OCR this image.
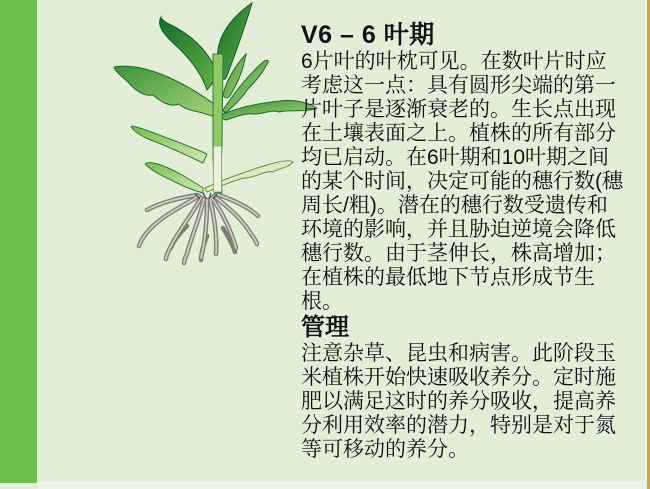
V6 – 6 叶期
6片叶的叶枕可见。在数叶片时应
考虑这一点：具有圆形尖端的第一
片叶子是逐渐衰老的。生长点出现
在土壤表面之上。植株的所有部分
均已启动。在6叶期和10叶期之间
的某个时间，决定可能的穗行数(穗
周长/粗)。潜在的穗行数受遗传和
环境的影响，并且胁迫逆境会降低
穗行数。由于茎伸长，株高增加；
在植株的最低地下节点形成节生
根。
管理
注意杂草、昆虫和病害。此阶段玉
米植株开始快速吸收养分。定时施
肥以满足这时的养分吸收，提高养
分利用效率的潜力，特别是对于氮
等可移动的养分。
